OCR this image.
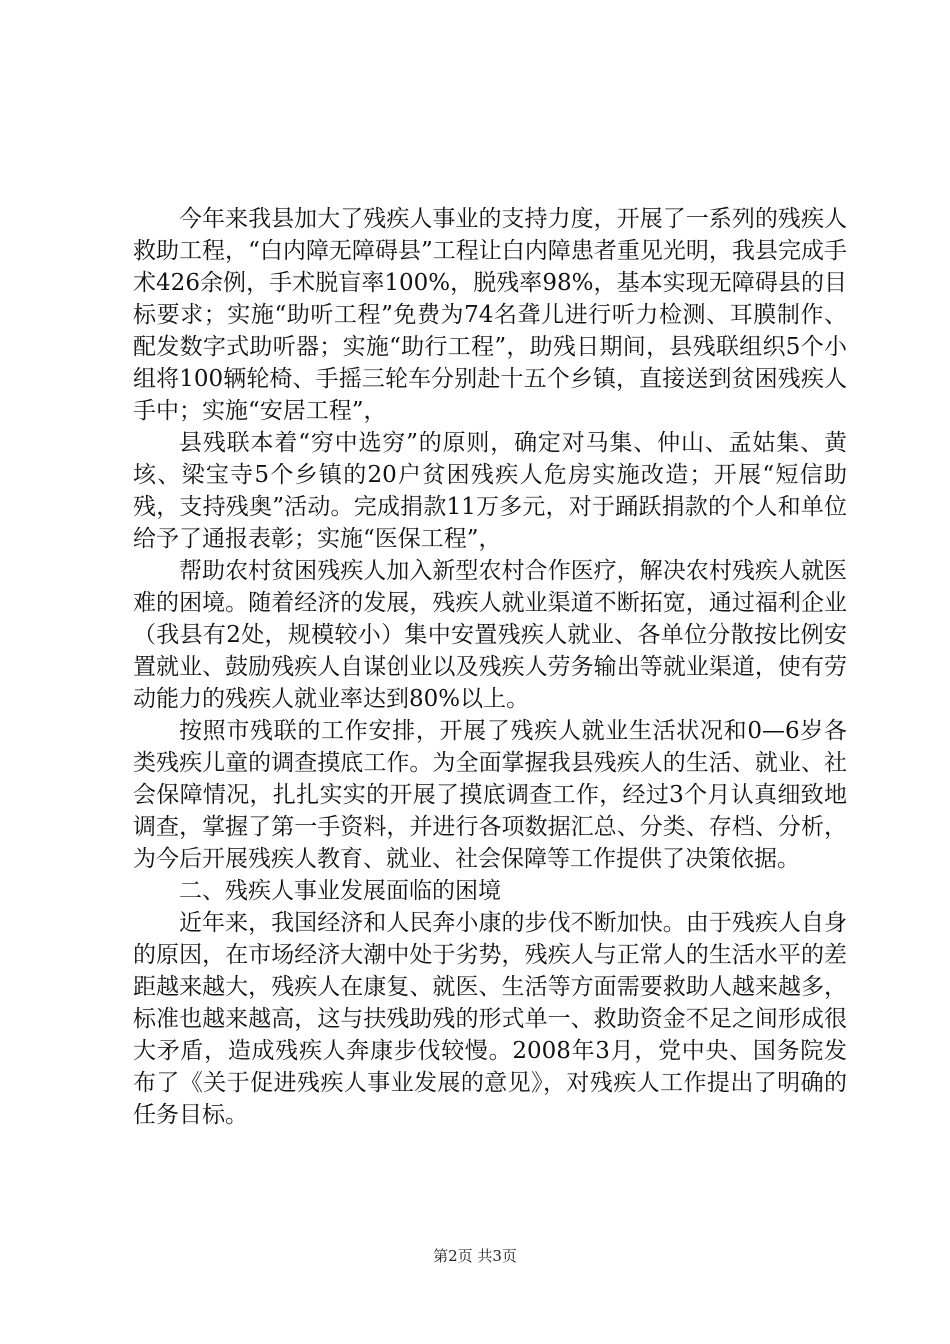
今年来我县加大了残疾人事业的支持力度，开展了一系列的残疾人救助工程，“白内障无障碍县”工程让白内障患者重见光明，我县完成手术426余例，手术脱盲率100%，脱残率98%，基本实现无障碍县的目标要求；实施“助听工程”免费为74名聋儿进行听力检测、耳膜制作、配发数字式助听器；实施“助行工程”，助残日期间，县残联组织5个小组将100辆轮椅、手摇三轮车分别赴十五个乡镇，直接送到贫困残疾人手中；实施“安居工程”，

县残联本着“穷中选穷”的原则，确定对马集、仲山、孟姑集、黄垓、梁宝寺5个乡镇的20户贫困残疾人危房实施改造；开展“短信助残，支持残奥”活动。完成捐款11万多元，对于踊跃捐款的个人和单位给予了通报表彰；实施“医保工程”，

帮助农村贫困残疾人加入新型农村合作医疗，解决农村残疾人就医难的困境。随着经济的发展，残疾人就业渠道不断拓宽，通过福利企业（我县有2处，规模较小）集中安置残疾人就业、各单位分散按比例安置就业、鼓励残疾人自谋创业以及残疾人劳务输出等就业渠道，使有劳动能力的残疾人就业率达到80%以上。

按照市残联的工作安排，开展了残疾人就业生活状况和0—6岁各类残疾儿童的调查摸底工作。为全面掌握我县残疾人的生活、就业、社会保障情况，扎扎实实的开展了摸底调查工作，经过3个月认真细致地调查，掌握了第一手资料，并进行各项数据汇总、分类、存档、分析，为今后开展残疾人教育、就业、社会保障等工作提供了决策依据。

二、残疾人事业发展面临的困境

近年来，我国经济和人民奔小康的步伐不断加快。由于残疾人自身的原因，在市场经济大潮中处于劣势，残疾人与正常人的生活水平的差距越来越大，残疾人在康复、就医、生活等方面需要救助人越来越多，标准也越来越高，这与扶残助残的形式单一、救助资金不足之间形成很大矛盾，造成残疾人奔康步伐较慢。2008年3月，党中央、国务院发布了《关于促进残疾人事业发展的意见》，对残疾人工作提出了明确的任务目标。

第2页 共3页
